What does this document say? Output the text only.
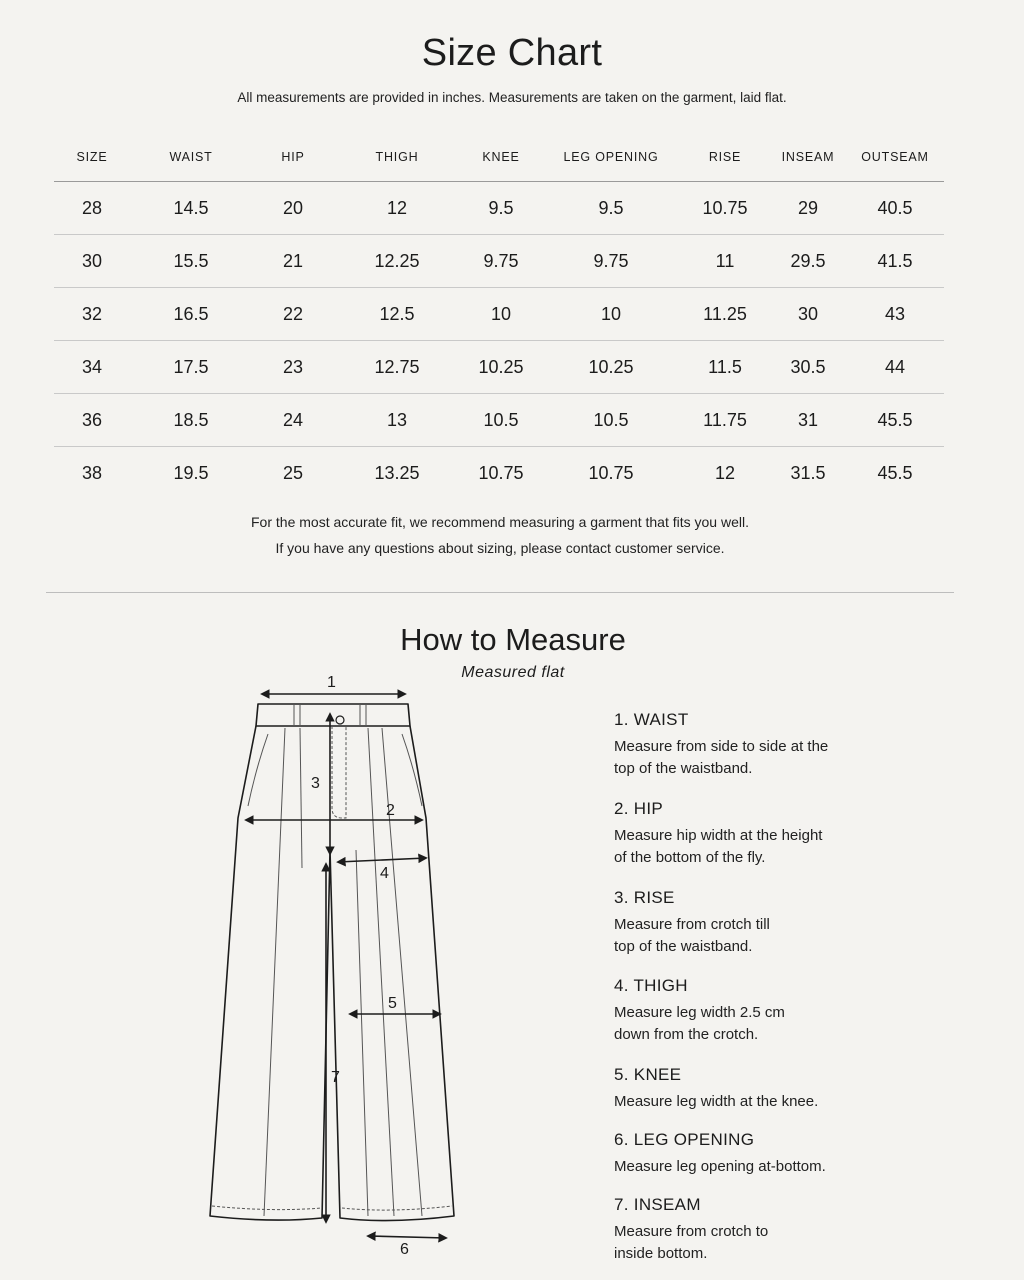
Size Chart

All measurements are provided in inches. Measurements are taken on the garment, laid flat.

SIZE	WAIST	HIP	THIGH	KNEE	LEG OPENING	RISE	INSEAM	OUTSEAM
28	14.5	20	12	9.5	9.5	10.75	29	40.5
30	15.5	21	12.25	9.75	9.75	11	29.5	41.5
32	16.5	22	12.5	10	10	11.25	30	43
34	17.5	23	12.75	10.25	10.25	11.5	30.5	44
36	18.5	24	13	10.5	10.5	11.75	31	45.5
38	19.5	25	13.25	10.75	10.75	12	31.5	45.5
For the most accurate fit, we recommend measuring a garment that fits you well.
If you have any questions about sizing, please contact customer service.
How to Measure
Measured flat
1
2
3
4
5
6
7
1. WAIST
Measure from side to side at the
top of the waistband.
2. HIP
Measure hip width at the height
of the bottom of the fly.
3. RISE
Measure from crotch till
top of the waistband.
4. THIGH
Measure leg width 2.5 cm
down from the crotch.
5. KNEE
Measure leg width at the knee.
6. LEG OPENING
Measure leg opening at-bottom.
7. INSEAM
Measure from crotch to
inside bottom.
